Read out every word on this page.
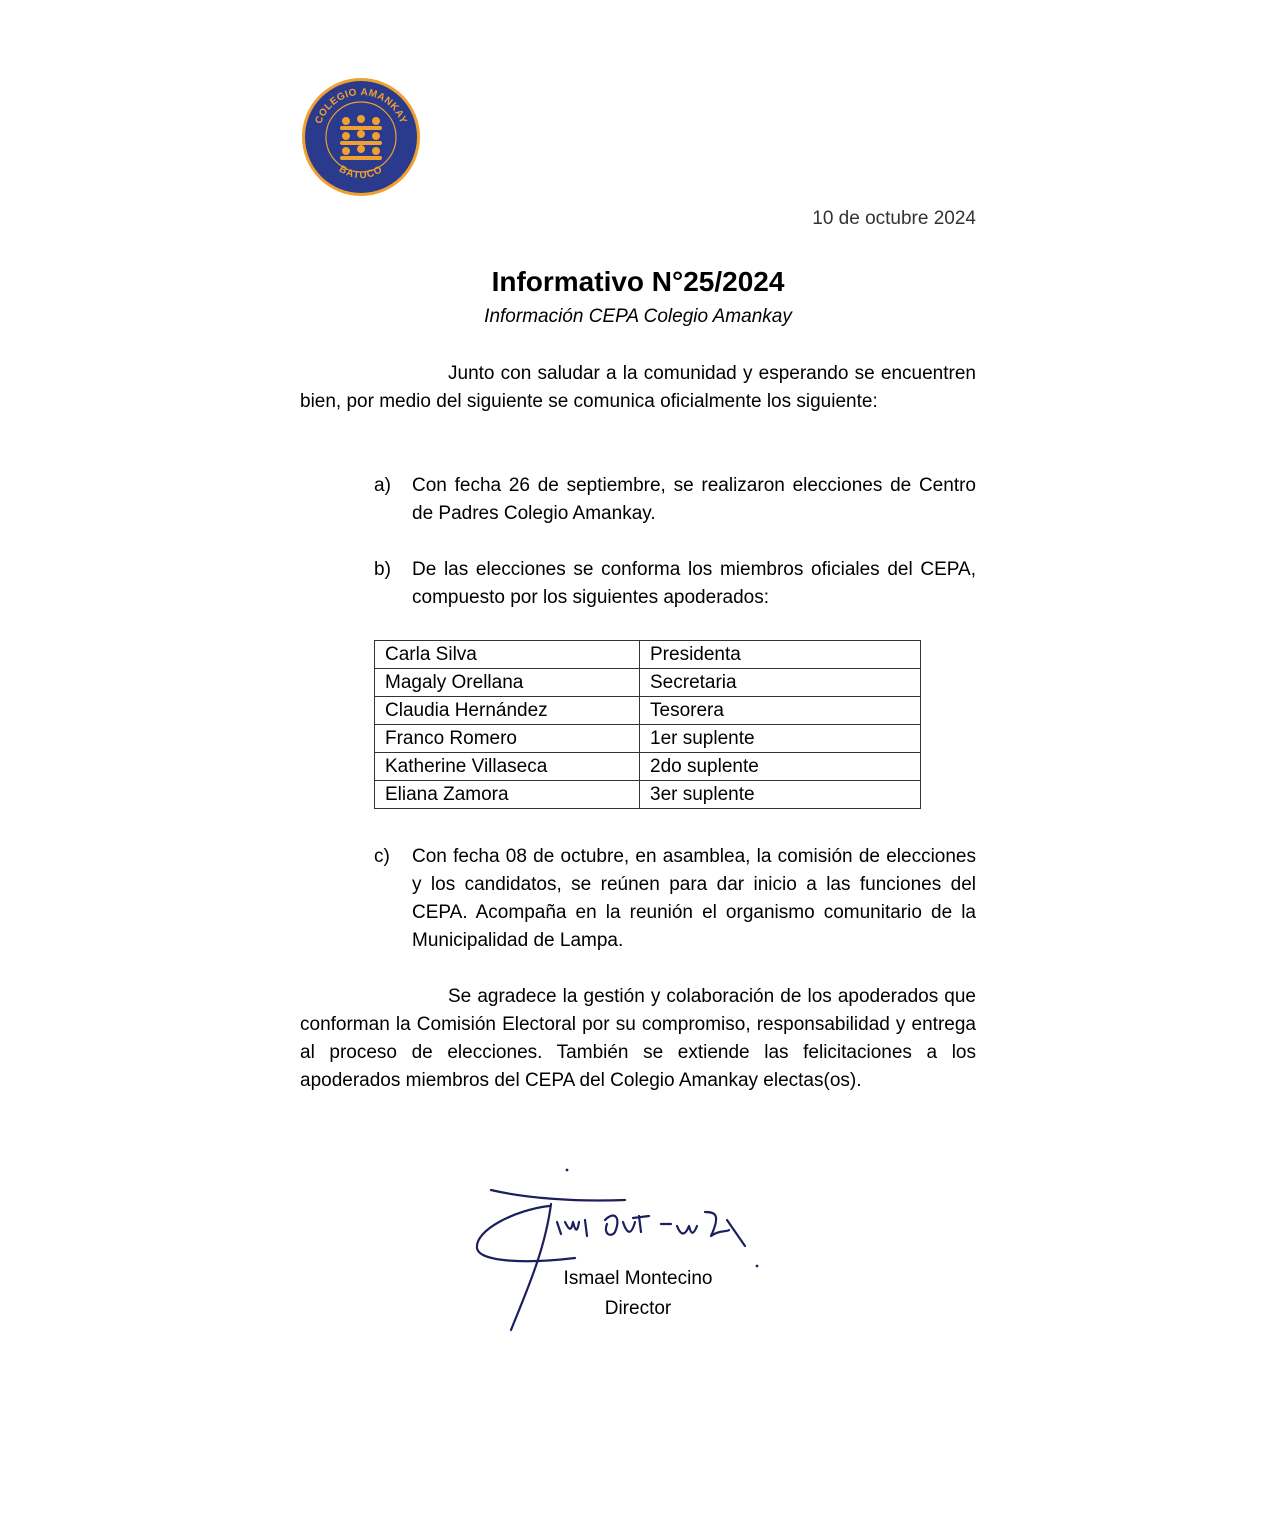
COLEGIO AMANKAY
BATUCO
10 de octubre 2024
Informativo N°25/2024
Información CEPA Colegio Amankay
Junto con saludar a la comunidad y esperando se encuentren bien, por medio del siguiente se comunica oficialmente los siguiente:
a)	Con fecha 26 de septiembre, se realizaron elecciones de Centro de Padres Colegio Amankay.
b)	De las elecciones se conforma los miembros oficiales del CEPA, compuesto por los siguientes apoderados:
Carla Silva	Presidenta
Magaly Orellana	Secretaria
Claudia Hernández	Tesorera
Franco Romero	1er suplente
Katherine Villaseca	2do suplente
Eliana Zamora	3er suplente
c)	Con fecha 08 de octubre, en asamblea, la comisión de elecciones y los candidatos, se reúnen para dar inicio a las funciones del CEPA. Acompaña en la reunión el organismo comunitario de la Municipalidad de Lampa.
Se agradece la gestión y colaboración de los apoderados que conforman la Comisión Electoral por su compromiso, responsabilidad y entrega al proceso de elecciones. También se extiende las felicitaciones a los apoderados miembros del CEPA del Colegio Amankay electas(os).
Ismael Montecino
Director
